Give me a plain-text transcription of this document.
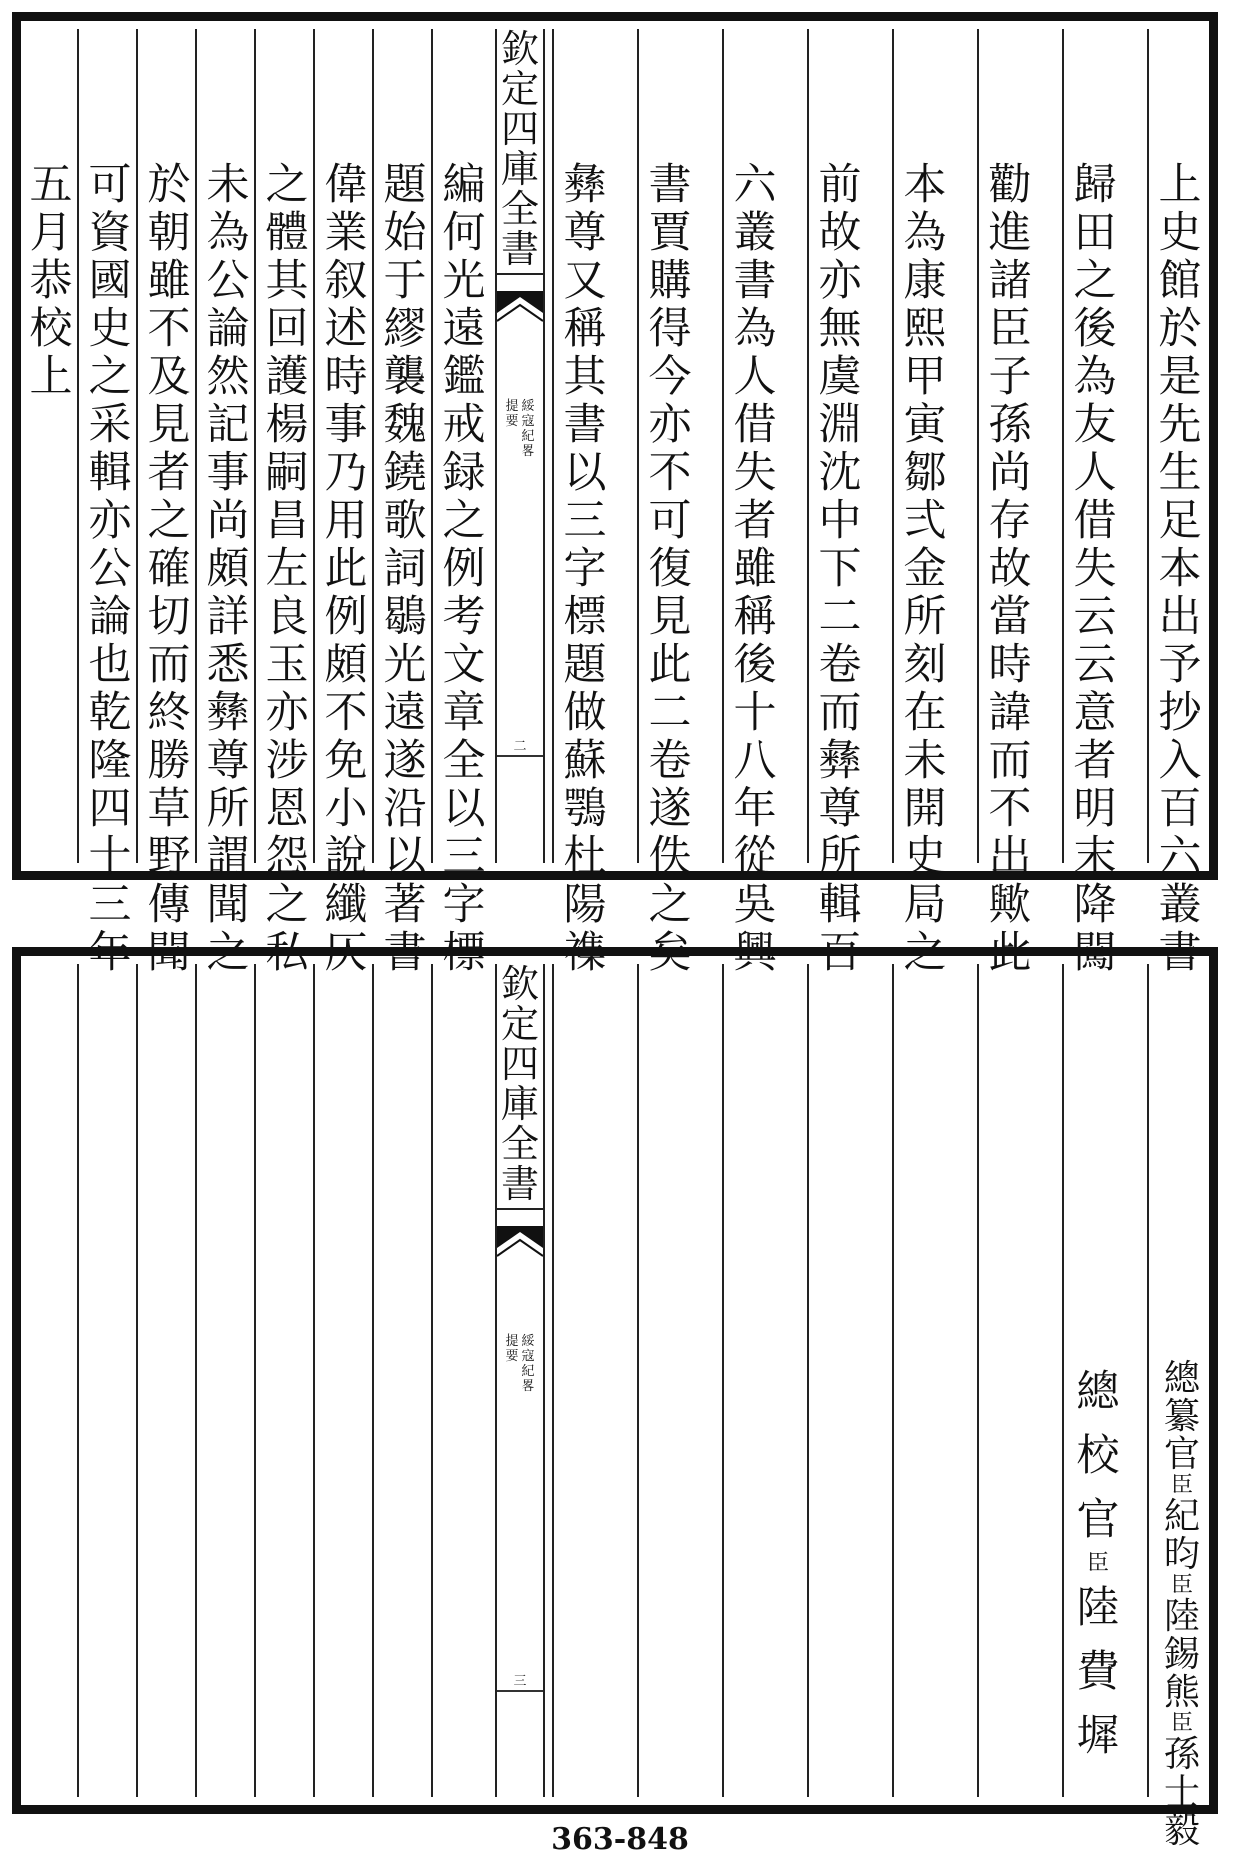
上
史
館
於
是
先
生
足
本
出
予
抄
入
百
六
叢
書
歸
田
之
後
為
友
人
借
失
云
云
意
者
明
末
降
闖
勸
進
諸
臣
子
孫
尚
存
故
當
時
諱
而
不
出
歟
此
本
為
康
熙
甲
寅
鄒
弍
金
所
刻
在
未
開
史
局
之
前
故
亦
無
虞
淵
沈
中
下
二
卷
而
彝
尊
所
輯
百
六
叢
書
為
人
借
失
者
雖
稱
後
十
八
年
從
吳
興
書
賈
購
得
今
亦
不
可
復
見
此
二
卷
遂
佚
之
矣
彝
尊
又
稱
其
書
以
三
字
標
題
做
蘇
鶚
杜
陽
襍
編
何
光
遠
鑑
戒
録
之
例
考
文
章
全
以
三
字
標
題
始
于
繆
襲
魏
鐃
歌
詞
鶡
光
遠
遂
沿
以
著
書
偉
業
叙
述
時
事
乃
用
此
例
頗
不
免
小
說
纖
仄
之
體
其
回
護
楊
嗣
昌
左
良
玉
亦
涉
恩
怨
之
私
未
為
公
論
然
記
事
尚
頗
詳
悉
彝
尊
所
謂
聞
之
於
朝
雖
不
及
見
者
之
確
切
而
終
勝
草
野
傳
聞
可
資
國
史
之
采
輯
亦
公
論
也
乾
隆
四
十
三
年
五
月
恭
校
上
欽
定
四
庫
全
書
綏
寇
紀
畧
提
要
二
總
纂
官
臣
紀
昀
臣
陸
錫
熊
臣
孫
士
毅
總
校
官
臣
陸
費
墀
欽
定
四
庫
全
書
綏
寇
紀
畧
提
要
三
363-848
